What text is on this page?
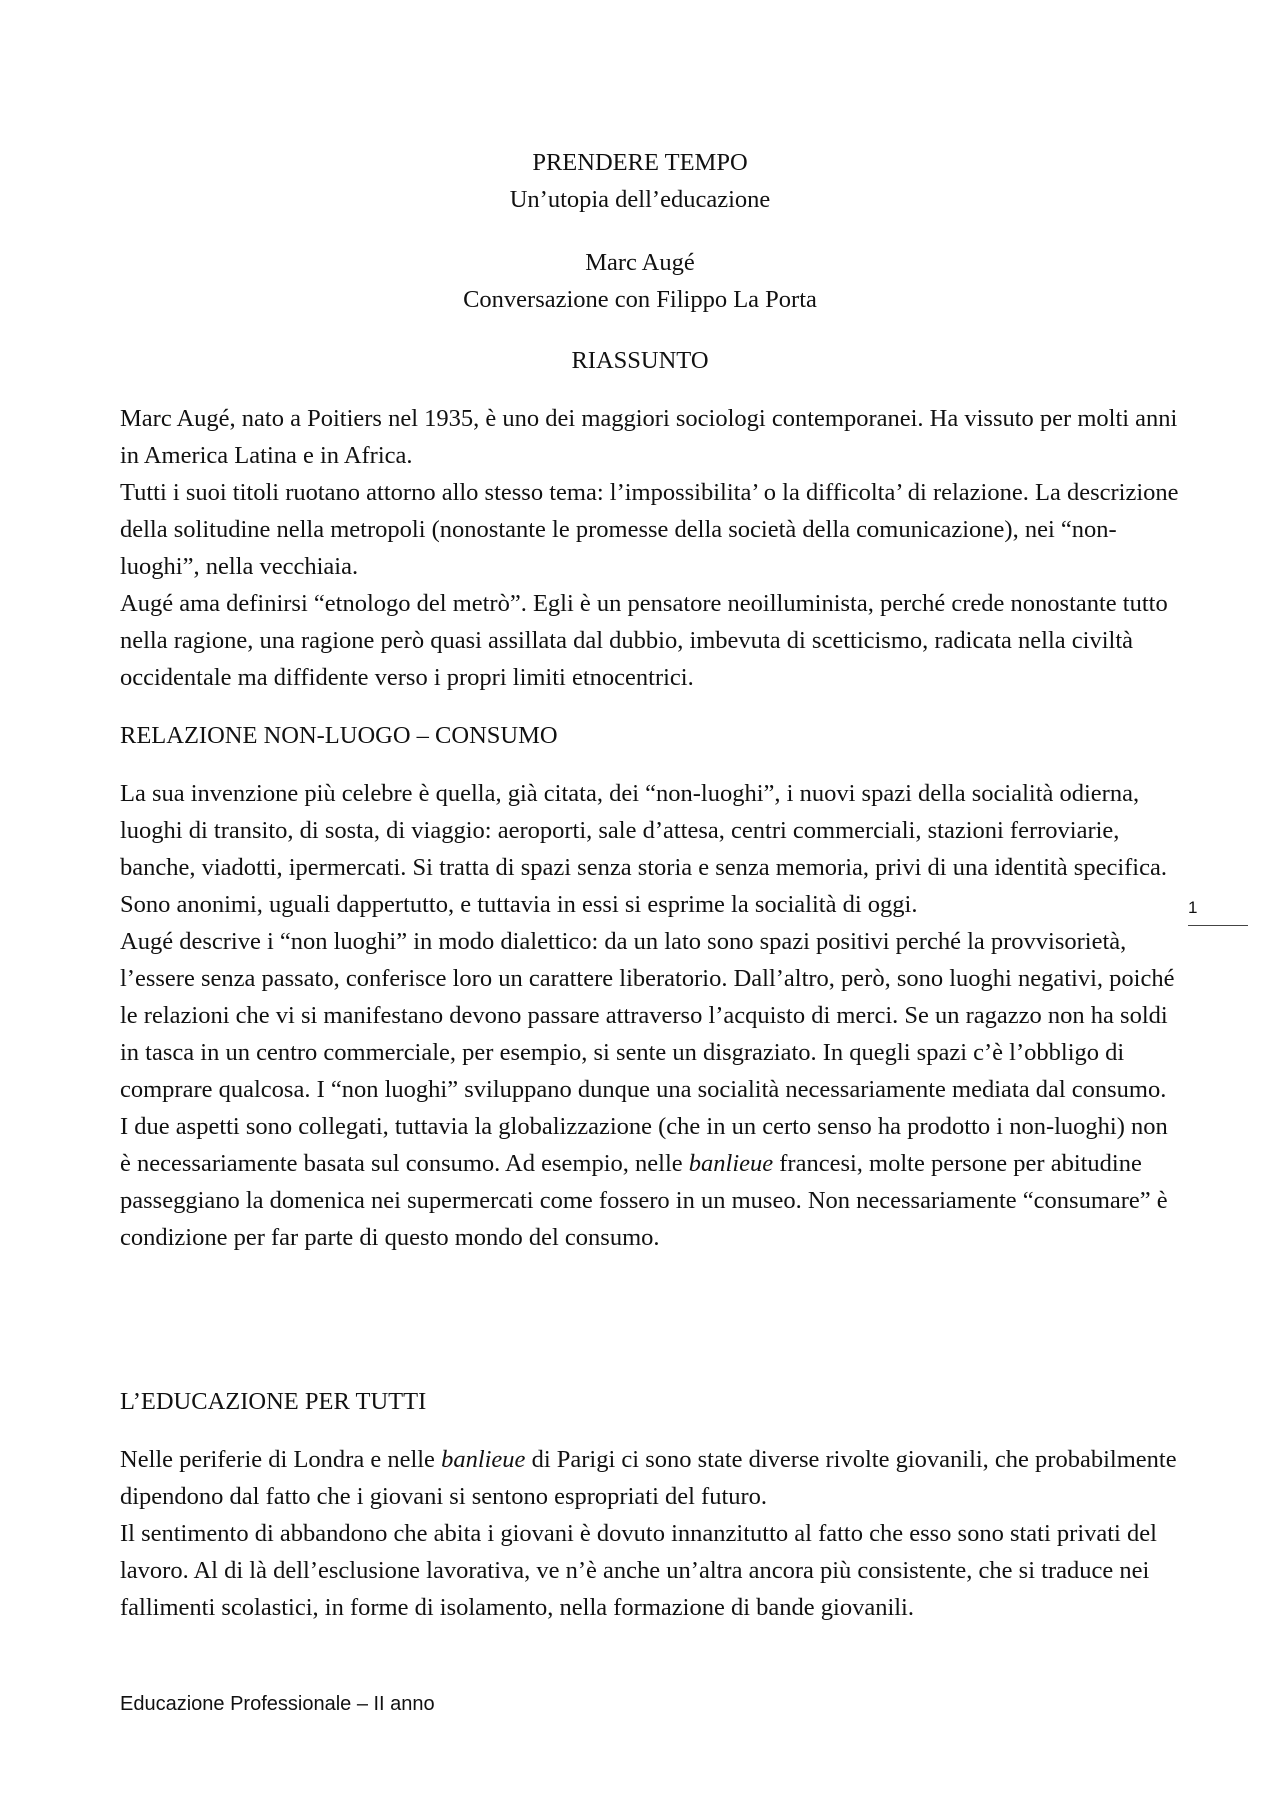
PRENDERE TEMPO
Un’utopia dell’educazione
Marc Augé
Conversazione con Filippo La Porta
RIASSUNTO

Marc Augé, nato a Poitiers nel 1935, è uno dei maggiori sociologi contemporanei. Ha vissuto per molti anni in America Latina e in Africa.

Tutti i suoi titoli ruotano attorno allo stesso tema: l’impossibilita’ o la difficolta’ di relazione. La descrizione della solitudine nella metropoli (nonostante le promesse della società della comunicazione), nei “non-luoghi”, nella vecchiaia.

Augé ama definirsi “etnologo del metrò”. Egli è un pensatore neoilluminista, perché crede nonostante tutto nella ragione, una ragione però quasi assillata dal dubbio, imbevuta di scetticismo, radicata nella civiltà occidentale ma diffidente verso i propri limiti etnocentrici.

RELAZIONE NON-LUOGO – CONSUMO

La sua invenzione più celebre è quella, già citata, dei “non-luoghi”, i nuovi spazi della socialità odierna, luoghi di transito, di sosta, di viaggio: aeroporti, sale d’attesa, centri commerciali, stazioni ferroviarie, banche, viadotti, ipermercati. Si tratta di spazi senza storia e senza memoria, privi di una identità specifica. Sono anonimi, uguali dappertutto, e tuttavia in essi si esprime la socialità di oggi.

Augé descrive i “non luoghi” in modo dialettico: da un lato sono spazi positivi perché la provvisorietà, l’essere senza passato, conferisce loro un carattere liberatorio. Dall’altro, però, sono luoghi negativi, poiché le relazioni che vi si manifestano devono passare attraverso l’acquisto di merci. Se un ragazzo non ha soldi in tasca in un centro commerciale, per esempio, si sente un disgraziato. In quegli spazi c’è l’obbligo di comprare qualcosa. I “non luoghi” sviluppano dunque una socialità necessariamente mediata dal consumo.

I due aspetti sono collegati, tuttavia la globalizzazione (che in un certo senso ha prodotto i non-luoghi) non è necessariamente basata sul consumo. Ad esempio, nelle banlieue francesi, molte persone per abitudine passeggiano la domenica nei supermercati come fossero in un museo. Non necessariamente “consumare” è condizione per far parte di questo mondo del consumo.

L’EDUCAZIONE PER TUTTI

Nelle periferie di Londra e nelle banlieue di Parigi ci sono state diverse rivolte giovanili, che probabilmente dipendono dal fatto che i giovani si sentono espropriati del futuro.

Il sentimento di abbandono che abita i giovani è dovuto innanzitutto al fatto che esso sono stati privati del lavoro. Al di là dell’esclusione lavorativa, ve n’è anche un’altra ancora più consistente, che si traduce nei fallimenti scolastici, in forme di isolamento, nella formazione di bande giovanili.

1
Educazione Professionale – II anno
